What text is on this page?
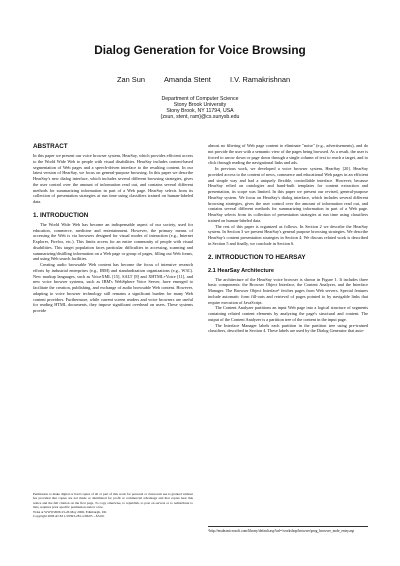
Dialog Generation for Voice Browsing
Zan Sun	Amanda Stent	I.V. Ramakrishnan
Department of Computer Science
Stony Brook University
Stony Brook, NY 11794, USA
{zsun, stent, ram}@cs.sunysb.edu
ABSTRACT
In this paper we present our voice browser system, HearSay, which provides efficient access to the World Wide Web to people with visual disabilities. HearSay includes content-based segmentation of Web pages and a speech-driven interface to the resulting content. In our latest version of HearSay, we focus on general-purpose browsing. In this paper we describe HearSay's new dialog interface, which includes several different browsing strategies, gives the user control over the amount of information read out, and contains several different methods for summarizing information in part of a Web page. HearSay selects from its collection of presentation strategies at run time using classifiers trained on human-labeled data.
1. INTRODUCTION
The World Wide Web has become an indispensable aspect of our society, used for education, commerce, medicine and entertainment. However, the primary means of accessing the Web is via browsers designed for visual modes of interaction (e.g., Internet Explorer, Firefox, etc.). This limits access for an entire community of people with visual disabilities. This target population faces particular difficulties in accessing, scanning and summarizing/distilling information on a Web page or group of pages, filling out Web forms, and using Web search facilities.
Creating audio browsable Web content has become the focus of intensive research efforts by industrial enterprises (e.g., IBM) and standardization organizations (e.g., W3C). New markup languages, such as VoiceXML [15], SALT [8] and XHTML+Voice [11], and new voice browser systems, such as IBM's WebSphere Voice Server, have emerged to facilitate the creation, publishing, and exchange of audio browsable Web content. However, adapting to voice browser technology still remains a significant burden for many Web content providers. Furthermore, while current screen readers and voice browsers are useful for reading HTML documents, they impose significant overhead on users. These systems provide
Permission to make digital or hard copies of all or part of this work for personal or classroom use is granted without fee provided that copies are not made or distributed for profit or commercial advantage and that copies bear this notice and the full citation on the first page. To copy otherwise, to republish, to post on servers or to redistribute to lists, requires prior specific permission and/or a fee.
W4A at WWW2006 23-26 May 2006, Edinburgh, UK
Copyright 2006 ACM 1-59593-281-x/06/05 ...$5.00.
almost no filtering of Web page content to eliminate "noise" (e.g., advertisements), and do not provide the user with a semantic view of the pages being browsed. As a result, the user is forced to arrow down or page down through a single column of text to reach a target, and to click through reading the navigational links and ads.
In previous work, we developed a voice browser system, HearSay [20]. HearSay provided access to the content of news, commerce and educational Web pages in an efficient and simple way and had a uniquely flexible, controllable interface. However, because HearSay relied on ontologies and hand-built templates for content extraction and presentation, its scope was limited. In this paper we present our revised, general-purpose HearSay system. We focus on HearSay's dialog interface, which includes several different browsing strategies, gives the user control over the amount of information read out, and contains several different methods for summarizing information in part of a Web page. HearSay selects from its collection of presentation strategies at run time using classifiers trained on human-labeled data.
The rest of this paper is organized as follows. In Section 2 we describe the HearSay system. In Section 3 we present HearSay's general purpose browsing strategies. We describe HearSay's content presentation strategies in Section 4. We discuss related work is described in Section 5 and finally, we conclude in Section 6.
2. INTRODUCTION TO HEARSAY
2.1 HearSay Architecture
The architecture of the HearSay voice browser is shown in Figure 1. It includes three basic components: the Browser Object Interface, the Content Analyzer, and the Interface Manager. The Browser Object Interface¹ fetches pages from Web servers. Special features include automatic form fill-outs and retrieval of pages pointed to by navigable links that require execution of JavaScript.
The Content Analyzer partitions an input Web page into a logical structure of segments containing related content elements by analyzing the page's structural and content. The output of the Content Analyzer is a partition tree of the content in the input page.
The Interface Manager labels each partition in the partition tree using pre-trained classifiers, described in Section 4. These labels are used by the Dialog Generator that auto-
¹http://msdn.microsoft.com/library/default.asp?url=/workshop/browser/prog_browser_node_entry.asp
